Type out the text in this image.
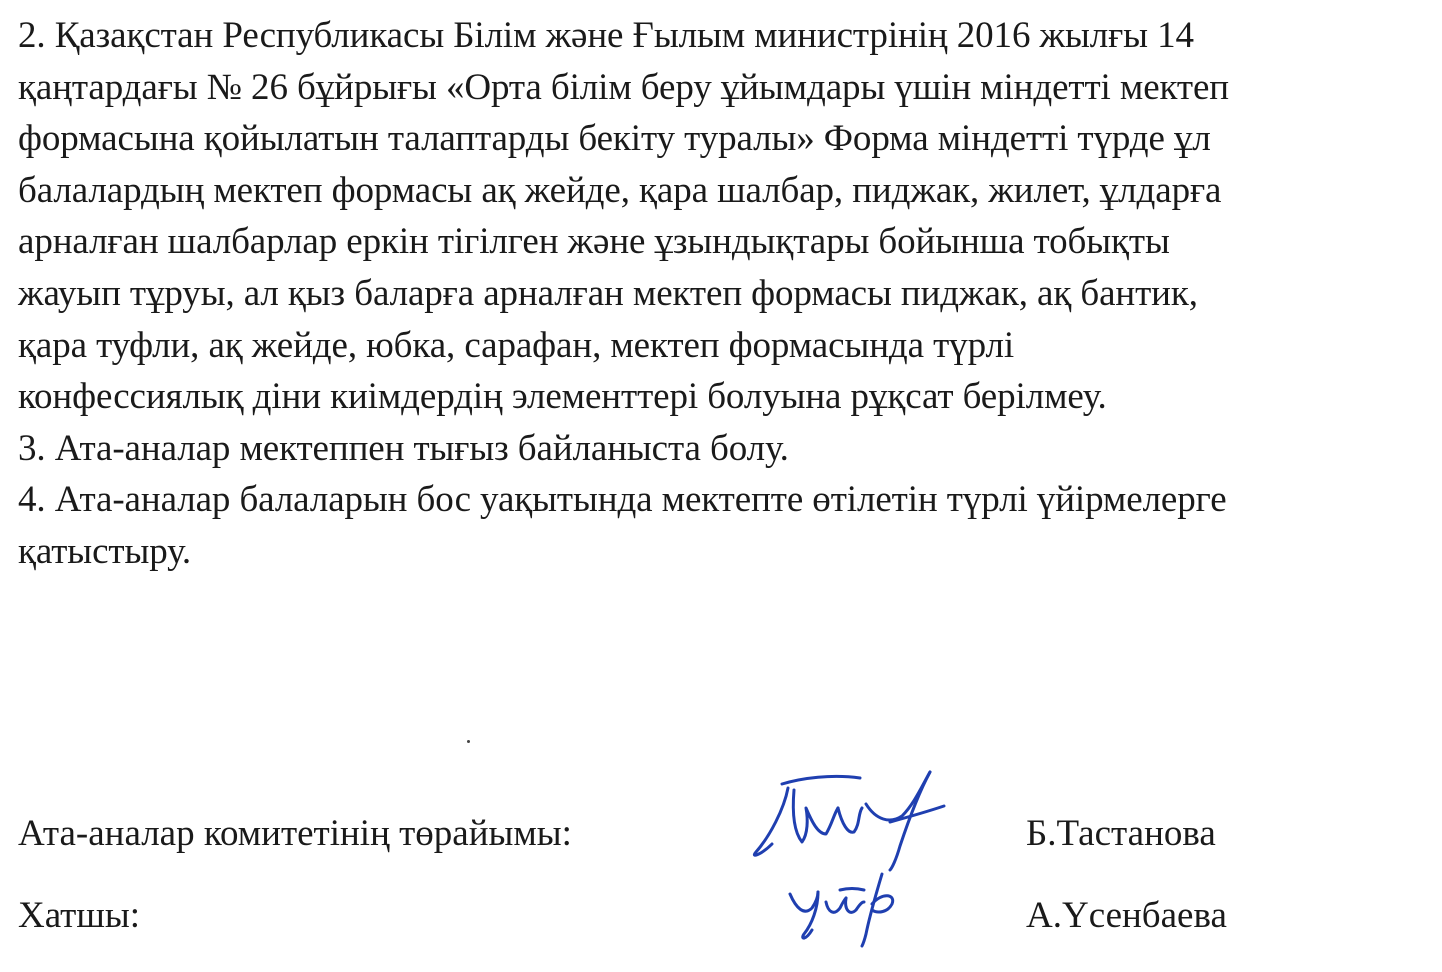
2. Қазақстан Республикасы Білім және Ғылым министрінің 2016 жылғы 14
қаңтардағы № 26 бұйрығы «Орта білім беру ұйымдары үшін міндетті мектеп
формасына қойылатын талаптарды бекіту туралы» Форма міндетті түрде ұл
балалардың мектеп формасы ақ жейде, қара шалбар, пиджак, жилет, ұлдарға
арналған шалбарлар еркін тігілген және ұзындықтары бойынша тобықты
жауып тұруы, ал қыз баларға арналған мектеп формасы пиджак, ақ бантик,
қара туфли, ақ жейде, юбка, сарафан, мектеп формасында түрлі
конфессиялық діни киімдердің элементтері болуына рұқсат берілмеу.

3. Ата-аналар мектеппен тығыз байланыста болу.

4. Ата-аналар балаларын бос уақытында мектепте өтілетін түрлі үйірмелерге
қатыстыру.

Ата-аналар комитетінің төрайымы:	Б.Тастанова
Хатшы:	А.Үсенбаева
